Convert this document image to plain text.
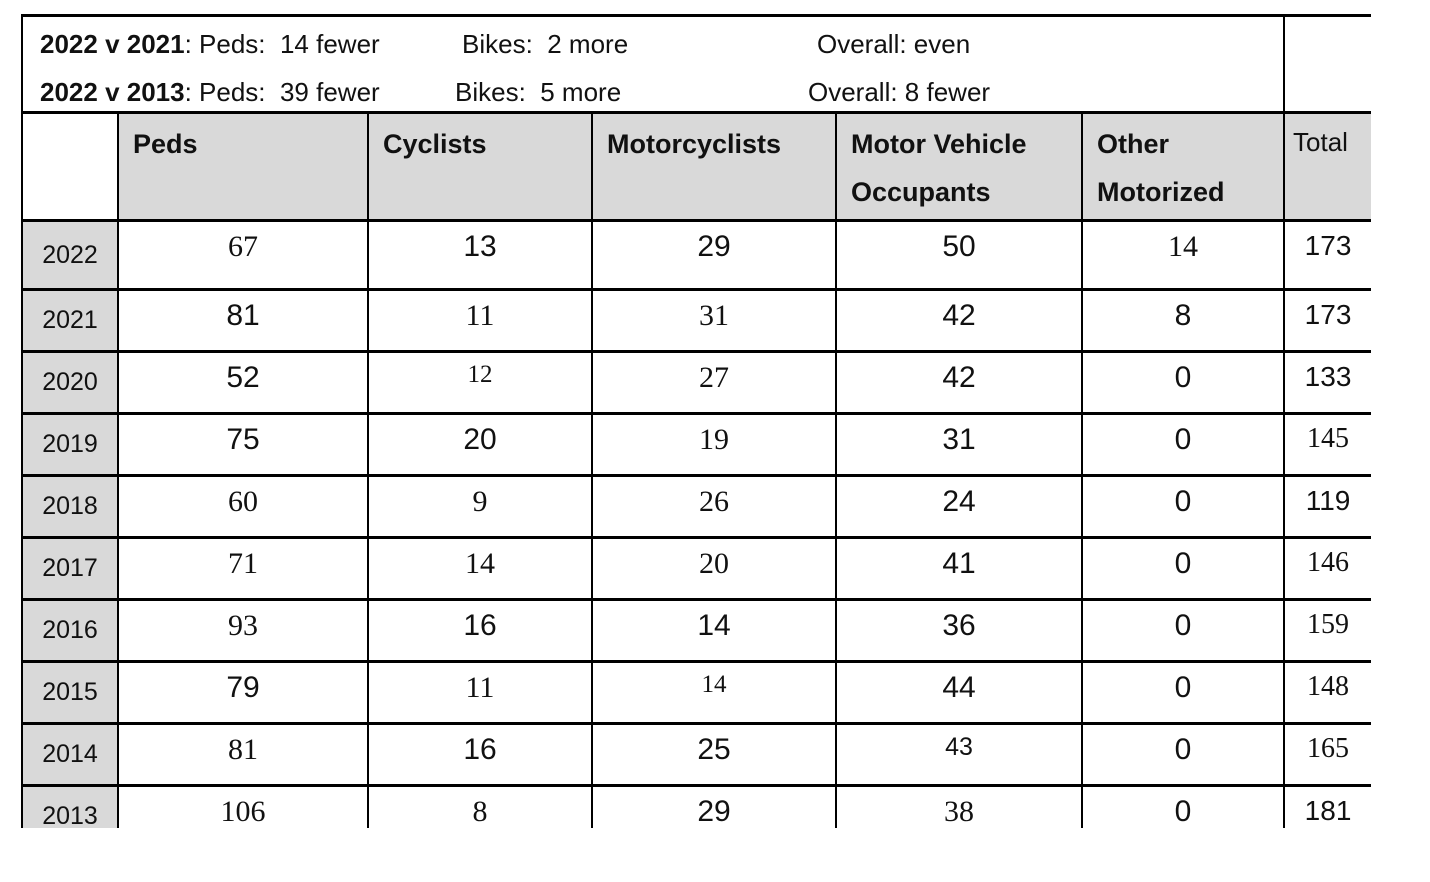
2022 v 2021: Peds:  14 fewer

	Bikes:  2 more

	Overall: even

2022 v 2013: Peds:  39 fewer

	Bikes:  5 more

	Overall: 8 fewer

	Peds	Cyclists	Motorcyclists	Motor Vehicle Occupants	Other Motorized	Total
2022	67	13	29	50	14	173
2021	81	11	31	42	8	173
2020	52	12	27	42	0	133
2019	75	20	19	31	0	145
2018	60	9	26	24	0	119
2017	71	14	20	41	0	146
2016	93	16	14	36	0	159
2015	79	11	14	44	0	148
2014	81	16	25	43	0	165
2013	106	8	29	38	0	181
